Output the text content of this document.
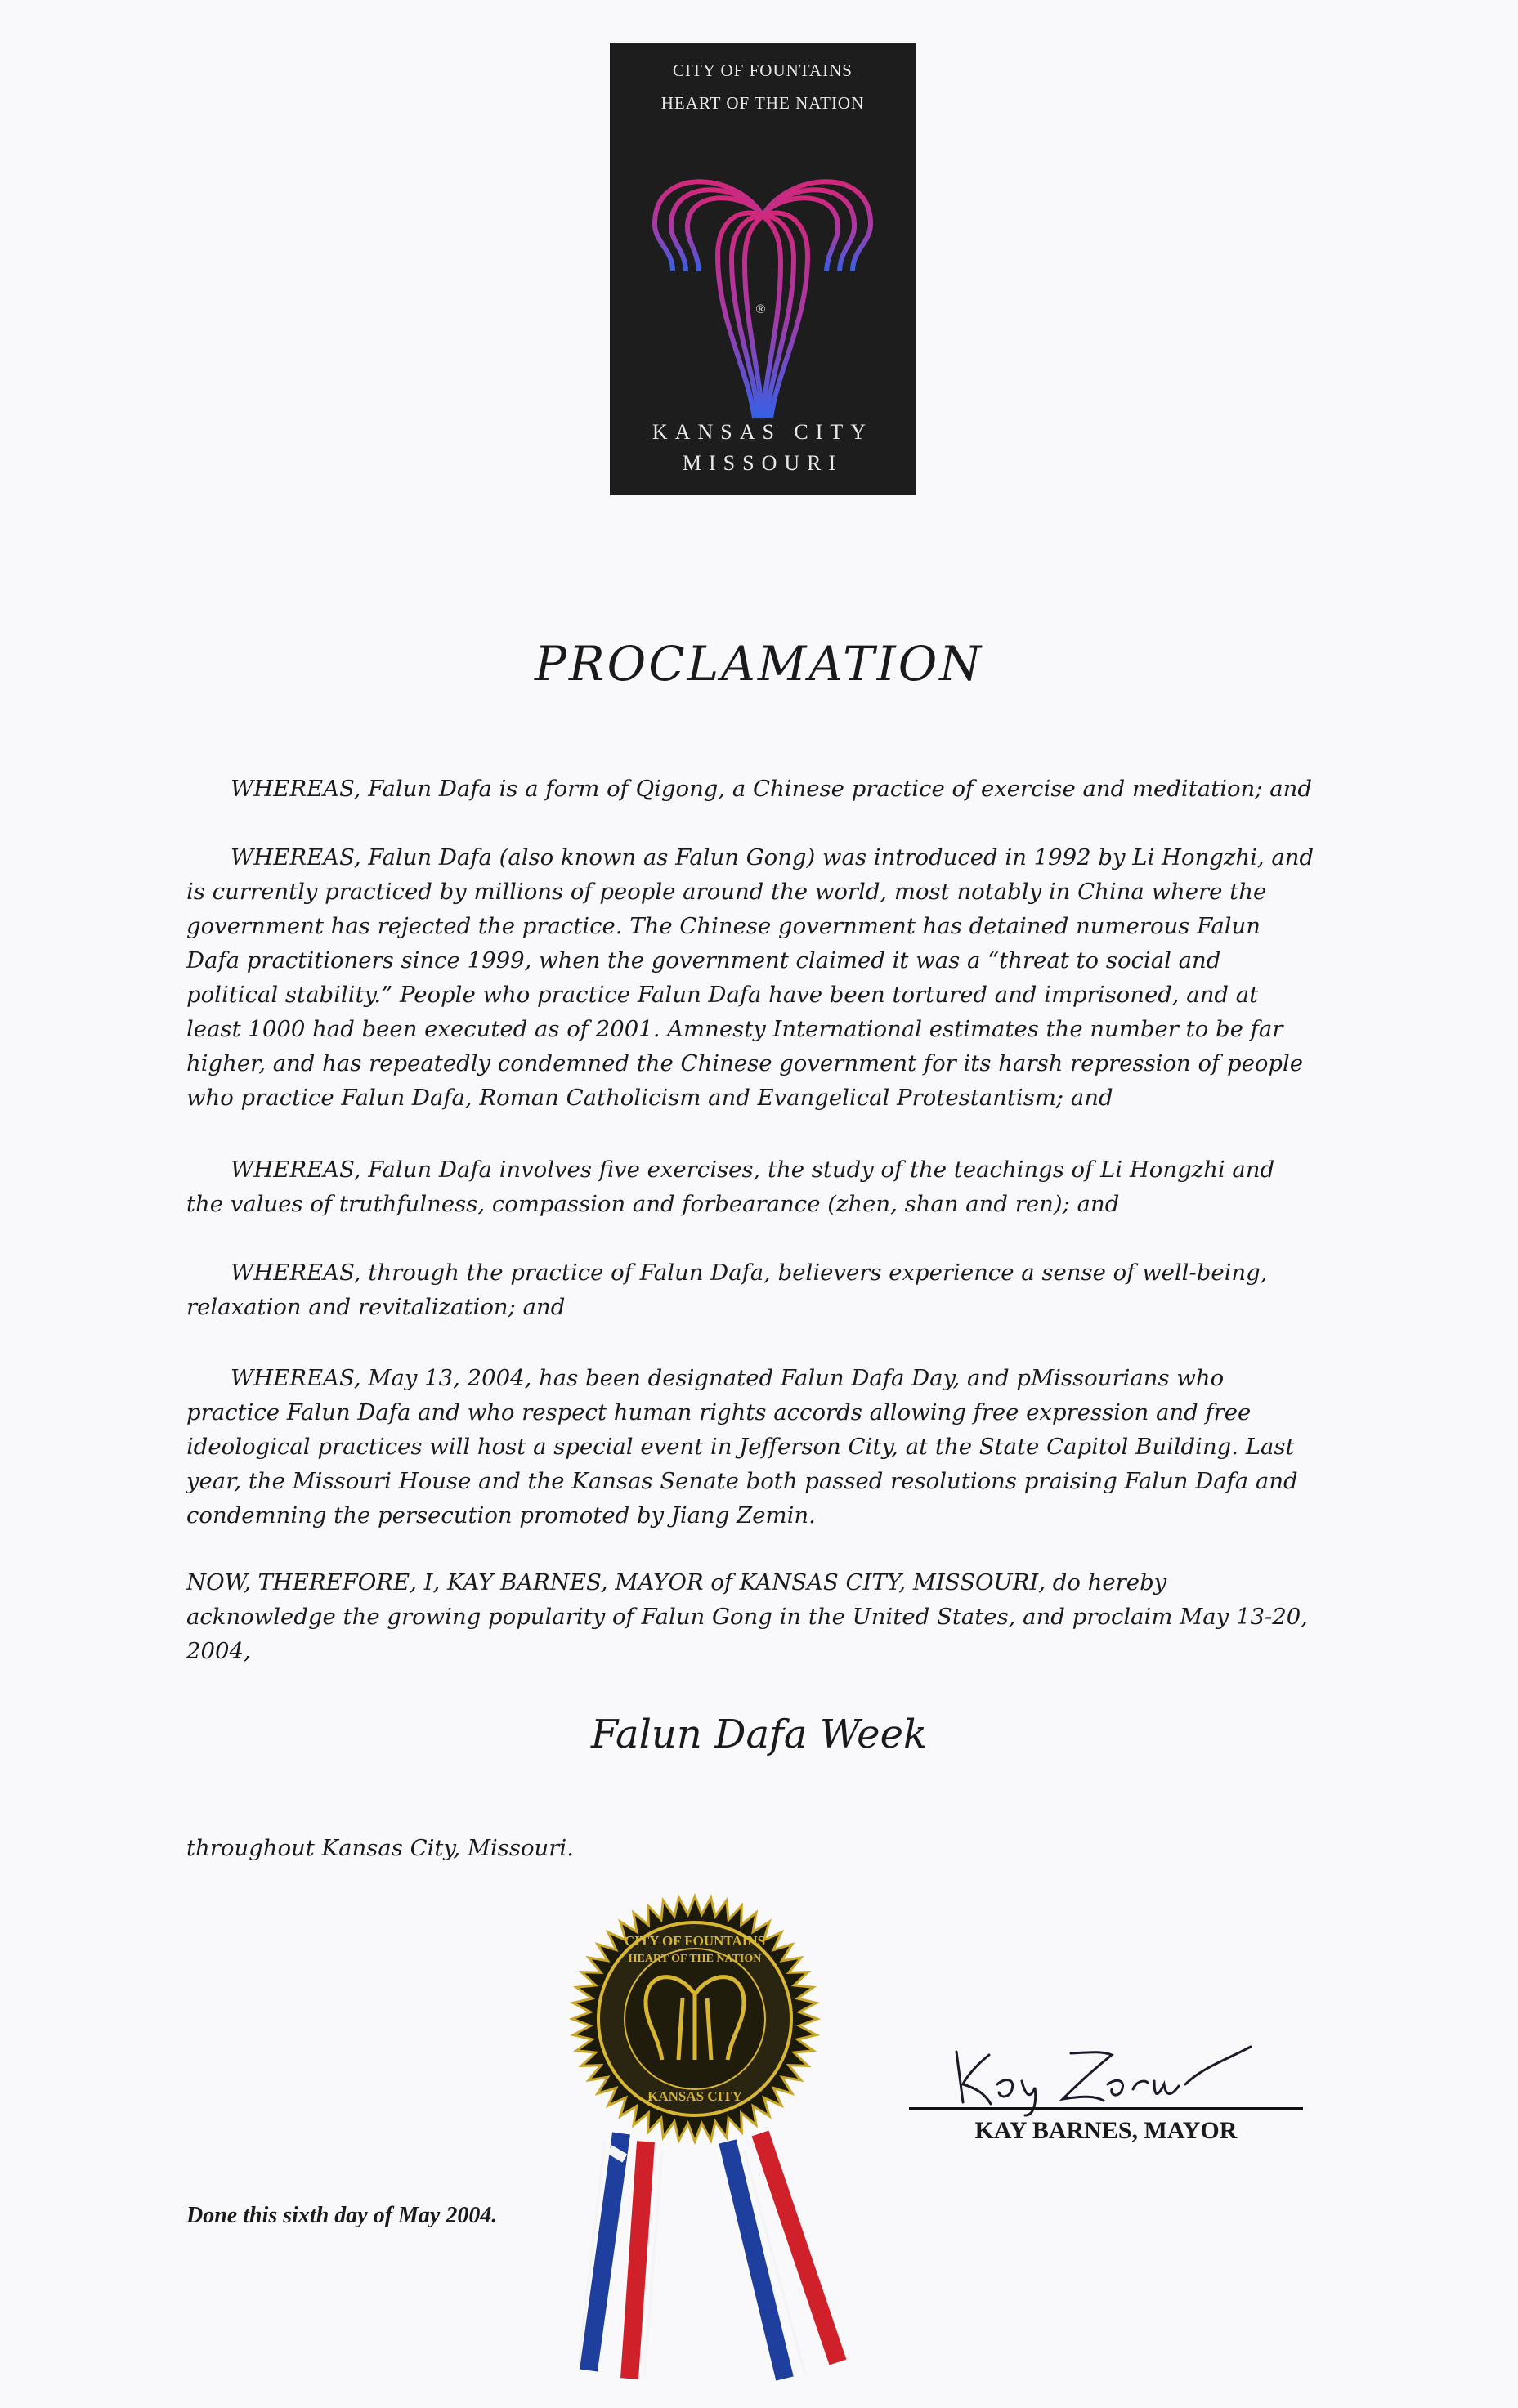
CITY OF FOUNTAINS
HEART OF THE NATION
®
KANSAS CITY
MISSOURI
PROCLAMATION

WHEREAS, Falun Dafa is a form of Qigong, a Chinese practice of exercise and meditation; and

WHEREAS, Falun Dafa (also known as Falun Gong) was introduced in 1992 by Li Hongzhi, and is currently practiced by millions of people around the world, most notably in China where the government has rejected the practice. The Chinese government has detained numerous Falun Dafa practitioners since 1999, when the government claimed it was a “threat to social and political stability.” People who practice Falun Dafa have been tortured and imprisoned, and at least 1000 had been executed as of 2001. Amnesty International estimates the number to be far higher, and has repeatedly condemned the Chinese government for its harsh repression of people who practice Falun Dafa, Roman Catholicism and Evangelical Protestantism; and

WHEREAS, Falun Dafa involves five exercises, the study of the teachings of Li Hongzhi and the values of truthfulness, compassion and forbearance (zhen, shan and ren); and

WHEREAS, through the practice of Falun Dafa, believers experience a sense of well-being, relaxation and revitalization; and

WHEREAS, May 13, 2004, has been designated Falun Dafa Day, and pMissourians who practice Falun Dafa and who respect human rights accords allowing free expression and free ideological practices will host a special event in Jefferson City, at the State Capitol Building. Last year, the Missouri House and the Kansas Senate both passed resolutions praising Falun Dafa and condemning the persecution promoted by Jiang Zemin.

NOW, THEREFORE, I, KAY BARNES, MAYOR of KANSAS CITY, MISSOURI, do hereby acknowledge the growing popularity of Falun Gong in the United States, and proclaim May 13-20, 2004,

Falun Dafa Week
throughout Kansas City, Missouri.
CITY OF FOUNTAINS
HEART OF THE NATION
KANSAS CITY
KAY BARNES, MAYOR
Done this sixth day of May 2004.
